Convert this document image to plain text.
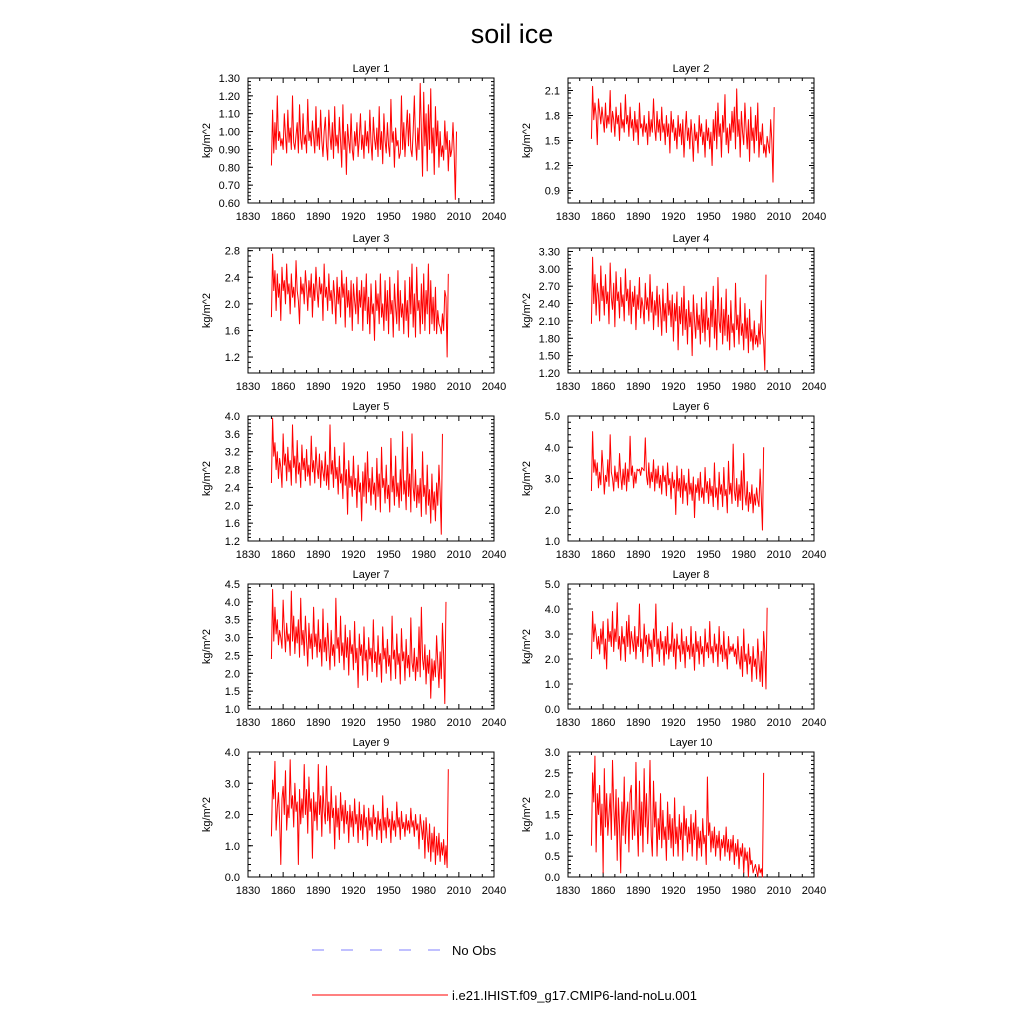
soil ice
Layer 1
kg/m^2
1830 1860 1890 1920 1950 1980 2010 2040
0.60
0.70
0.80
0.90
1.00
1.10
1.20
1.30
Layer 2
kg/m^2
1830 1860 1890 1920 1950 1980 2010 2040
0.9
1.2
1.5
1.8
2.1
Layer 3
kg/m^2
1830 1860 1890 1920 1950 1980 2010 2040
1.2
1.6
2.0
2.4
2.8
Layer 4
kg/m^2
1830 1860 1890 1920 1950 1980 2010 2040
1.20
1.50
1.80
2.10
2.40
2.70
3.00
3.30
Layer 5
kg/m^2
1830 1860 1890 1920 1950 1980 2010 2040
1.2
1.6
2.0
2.4
2.8
3.2
3.6
4.0
Layer 6
kg/m^2
1830 1860 1890 1920 1950 1980 2010 2040
1.0
2.0
3.0
4.0
5.0
Layer 7
kg/m^2
1830 1860 1890 1920 1950 1980 2010 2040
1.0
1.5
2.0
2.5
3.0
3.5
4.0
4.5
Layer 8
kg/m^2
1830 1860 1890 1920 1950 1980 2010 2040
0.0
1.0
2.0
3.0
4.0
5.0
Layer 9
kg/m^2
1830 1860 1890 1920 1950 1980 2010 2040
0.0
1.0
2.0
3.0
4.0
Layer 10
kg/m^2
1830 1860 1890 1920 1950 1980 2010 2040
0.0
0.5
1.0
1.5
2.0
2.5
3.0
No Obs
i.e21.IHIST.f09_g17.CMIP6-land-noLu.001
